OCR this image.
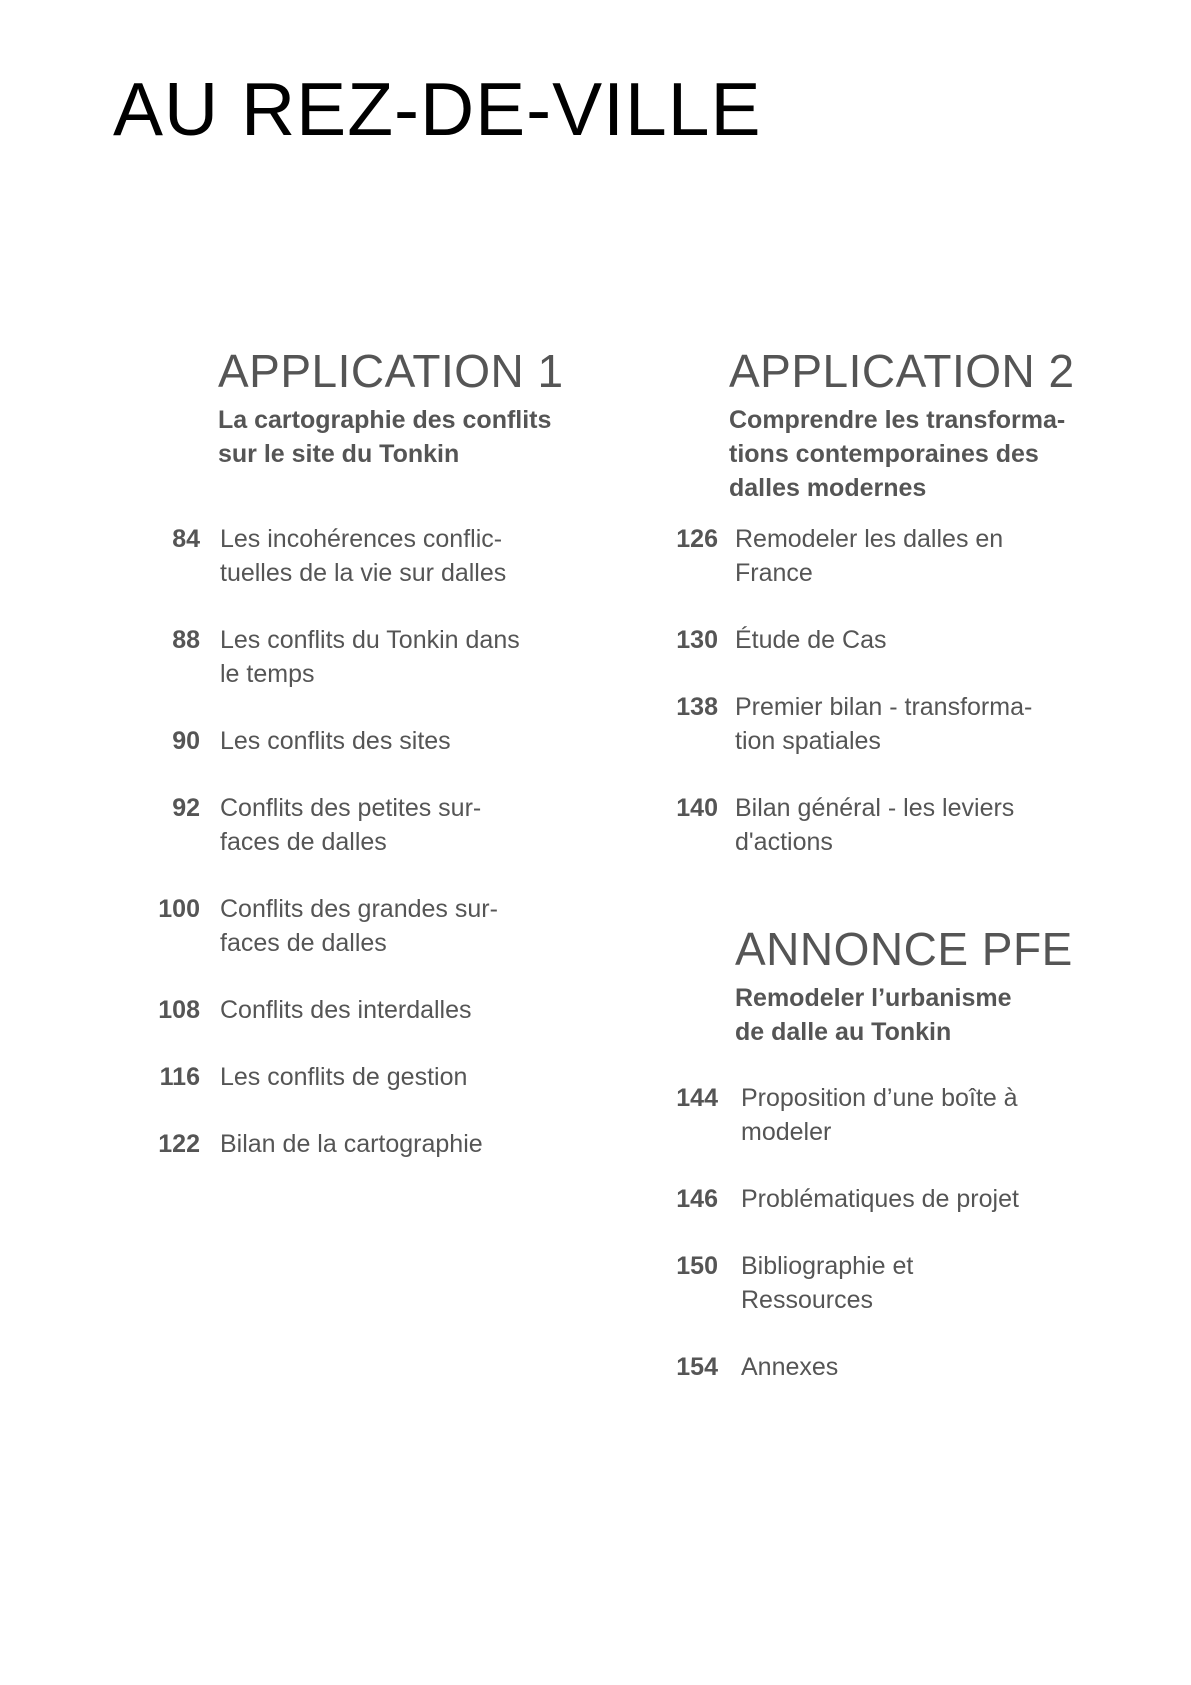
AU REZ-DE-VILLE
APPLICATION 1

La cartographie des conflits
sur le site du Tonkin

84 Les incohérences conflic-
tuelles de la vie sur dalles
88 Les conflits du Tonkin dans
le temps
90 Les conflits des sites
92 Conflits des petites sur-
faces de dalles
100 Conflits des grandes sur-
faces de dalles
108 Conflits des interdalles
116 Les conflits de gestion
122 Bilan de la cartographie
APPLICATION 2

Comprendre les transforma-
tions contemporaines des
dalles modernes

126 Remodeler les dalles en
France
130 Étude de Cas
138 Premier bilan - transforma-
tion spatiales
140 Bilan général - les leviers
d'actions
ANNONCE PFE

Remodeler l’urbanisme
de dalle au Tonkin

144 Proposition d’une boîte à
modeler
146 Problématiques de projet
150 Bibliographie et
Ressources
154 Annexes
